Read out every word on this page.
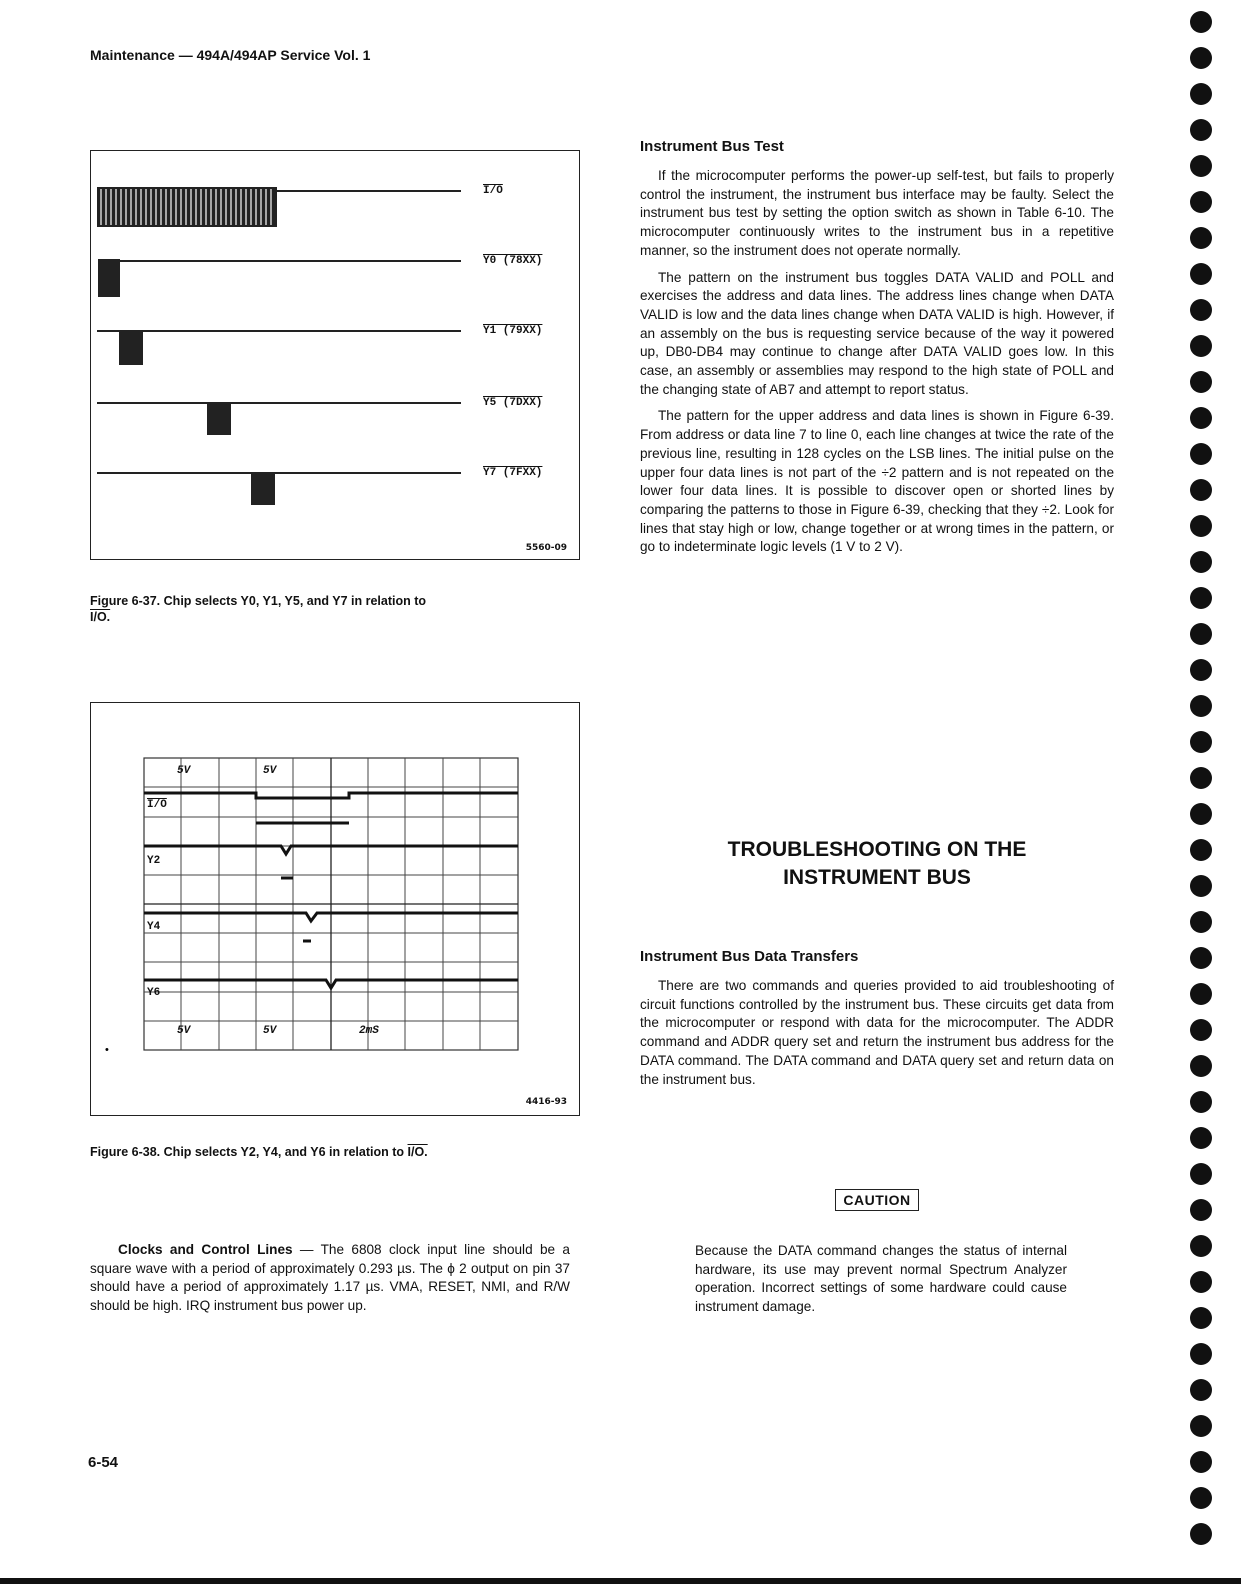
Maintenance — 494A/494AP Service Vol. 1
I/O
Y0 (78XX)
Y1 (79XX)
Y5 (7DXX)
Y7 (7FXX)
5560-09
Figure 6-37. Chip selects Y0, Y1, Y5, and Y7 in relation to
I/O.
•
5V	5V
I/O
Y2
Y4
Y6
5V	5V	2mS
4416-93
Figure 6-38. Chip selects Y2, Y4, and Y6 in relation to I/O.

Clocks and Control Lines — The 6808 clock input line should be a square wave with a period of approximately 0.293 µs. The ϕ 2 output on pin 37 should have a period of approximately 1.17 µs. VMA, RESET, NMI, and R/W should be high. IRQ instrument bus power up.

Instrument Bus Test

If the microcomputer performs the power-up self-test, but fails to properly control the instrument, the instrument bus interface may be faulty. Select the instrument bus test by setting the option switch as shown in Table 6-10. The microcomputer continuously writes to the instrument bus in a repetitive manner, so the instrument does not operate normally.

The pattern on the instrument bus toggles DATA VALID and POLL and exercises the address and data lines. The address lines change when DATA VALID is low and the data lines change when DATA VALID is high. However, if an assembly on the bus is requesting service because of the way it powered up, DB0-DB4 may continue to change after DATA VALID goes low. In this case, an assembly or assemblies may respond to the high state of POLL and the changing state of AB7 and attempt to report status.

The pattern for the upper address and data lines is shown in Figure 6-39. From address or data line 7 to line 0, each line changes at twice the rate of the previous line, resulting in 128 cycles on the LSB lines. The initial pulse on the upper four data lines is not part of the ÷2 pattern and is not repeated on the lower four data lines. It is possible to discover open or shorted lines by comparing the patterns to those in Figure 6-39, checking that they ÷2. Look for lines that stay high or low, change together or at wrong times in the pattern, or go to indeterminate logic levels (1 V to 2 V).

TROUBLESHOOTING ON THE
INSTRUMENT BUS
Instrument Bus Data Transfers

There are two commands and queries provided to aid troubleshooting of circuit functions controlled by the instrument bus. These circuits get data from the microcomputer or respond with data for the microcomputer. The ADDR command and ADDR query set and return the instrument bus address for the DATA command. The DATA command and DATA query set and return data on the instrument bus.

CAUTION

Because the DATA command changes the status of internal hardware, its use may prevent normal Spectrum Analyzer operation. Incorrect settings of some hardware could cause instrument damage.

6-54
